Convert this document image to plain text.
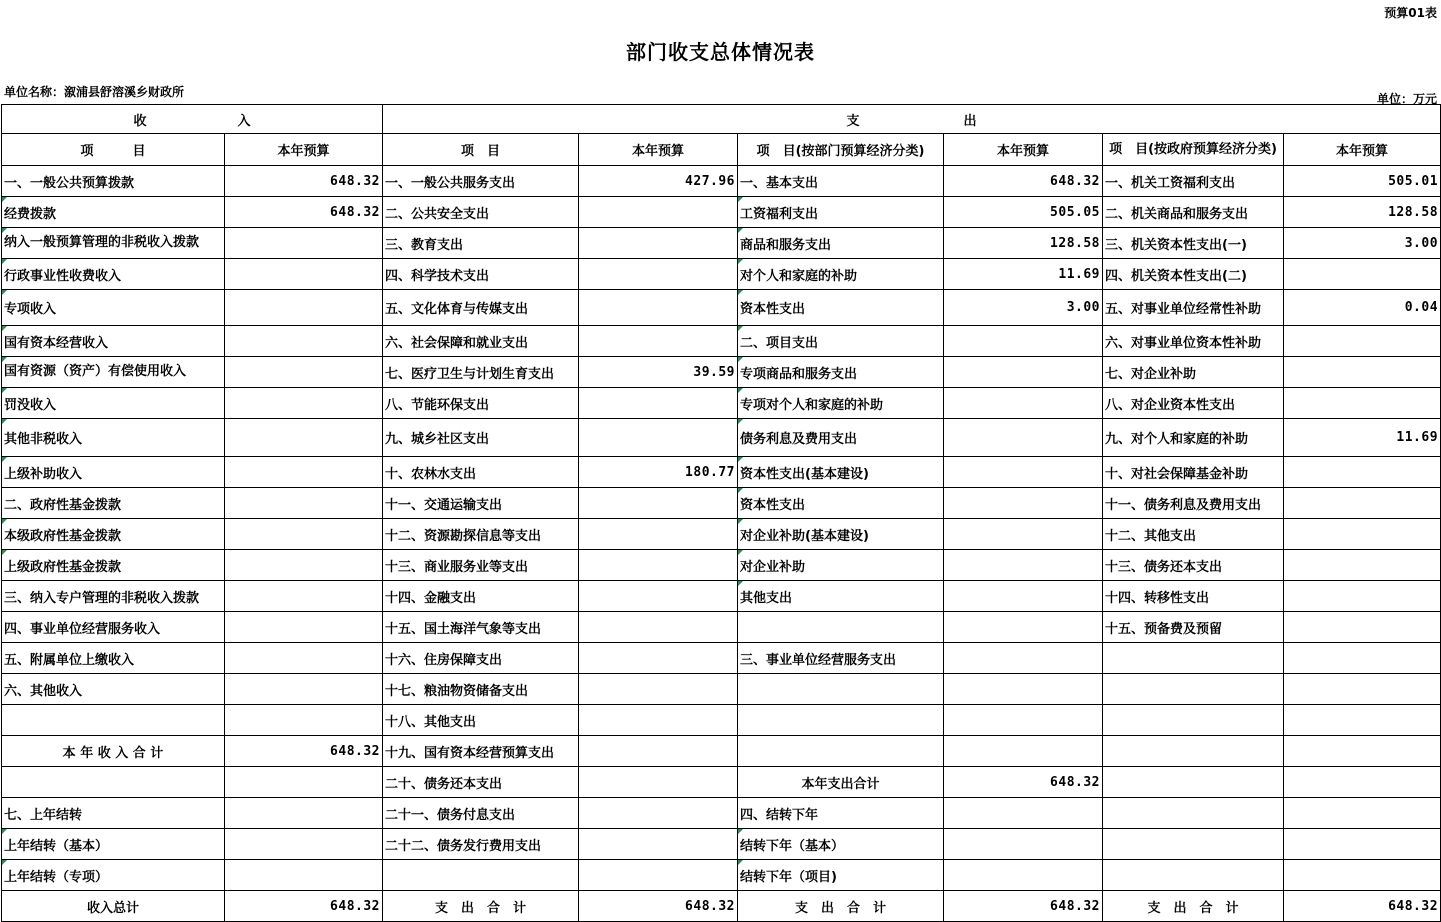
预算01表
部门收支总体情况表
单位名称：溆浦县舒溶溪乡财政所	单位：万元
收　　　　　　　入		支　　　　　　　　出					
项　　　目	本年预算	项　目	本年预算	项　目(按部门预算经济分类)	本年预算	项　目(按政府预算经济分类)	本年预算
一、一般公共预算拨款	648.32	一、一般公共服务支出	427.96	一、基本支出	648.32	一、机关工资福利支出	505.01
经费拨款	648.32	二、公共安全支出		工资福利支出	505.05	二、机关商品和服务支出	128.58
纳入一般预算管理的非税收入拨款		三、教育支出		商品和服务支出	128.58	三、机关资本性支出(一)	3.00
行政事业性收费收入		四、科学技术支出		对个人和家庭的补助	11.69	四、机关资本性支出(二)	
专项收入		五、文化体育与传媒支出		资本性支出	3.00	五、对事业单位经常性补助	0.04
国有资本经营收入		六、社会保障和就业支出		二、项目支出		六、对事业单位资本性补助	
国有资源（资产）有偿使用收入		七、医疗卫生与计划生育支出	39.59	专项商品和服务支出		七、对企业补助	
罚没收入		八、节能环保支出		专项对个人和家庭的补助		八、对企业资本性支出	
其他非税收入		九、城乡社区支出		债务利息及费用支出		九、对个人和家庭的补助	11.69
上级补助收入		十、农林水支出	180.77	资本性支出(基本建设)		十、对社会保障基金补助	
二、政府性基金拨款		十一、交通运输支出		资本性支出		十一、债务利息及费用支出	
本级政府性基金拨款		十二、资源勘探信息等支出		对企业补助(基本建设)		十二、其他支出	
上级政府性基金拨款		十三、商业服务业等支出		对企业补助		十三、债务还本支出	
三、纳入专户管理的非税收入拨款		十四、金融支出		其他支出		十四、转移性支出	
四、事业单位经营服务收入		十五、国土海洋气象等支出				十五、预备费及预留	
五、附属单位上缴收入		十六、住房保障支出		三、事业单位经营服务支出			
六、其他收入		十七、粮油物资储备支出					
		十八、其他支出					
本 年 收 入 合 计	648.32	十九、国有资本经营预算支出					
		二十、债务还本支出		本年支出合计	648.32		
七、上年结转		二十一、债务付息支出		四、结转下年			
上年结转（基本）		二十二、债务发行费用支出		结转下年（基本）			
上年结转（专项）				结转下年（项目)			
收入总计	648.32	支　出　合　计	648.32	支　出　合　计	648.32	支　出　合　计	648.32
